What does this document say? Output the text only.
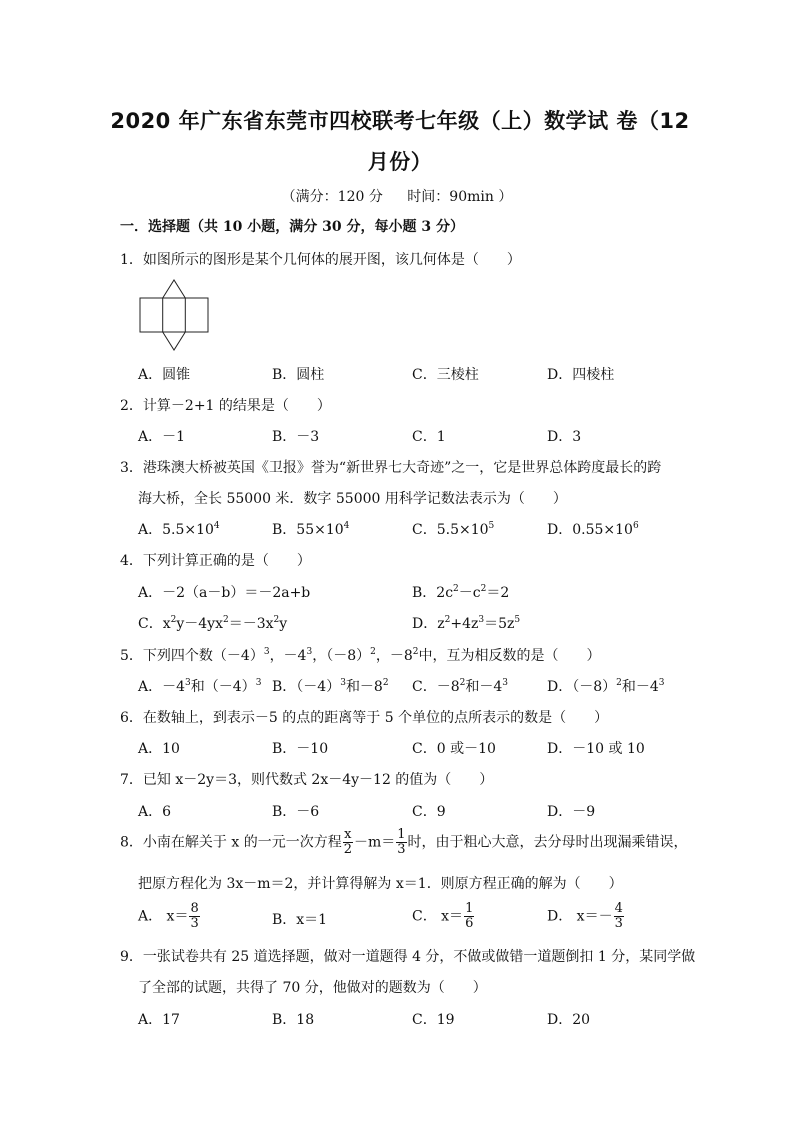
2020 年广东省东莞市四校联考七年级（上）数学试 卷（12
月份）
（满分：120 分 时间：90min ）
一．选择题（共 10 小题，满分 30 分，每小题 3 分）
1．如图所示的图形是某个几何体的展开图，该几何体是（　　）
A．圆锥	B．圆柱	C．三棱柱	D．四棱柱
2．计算－2+1 的结果是（　　）
A．－1	B．－3	C．1	D．3
3．港珠澳大桥被英国《卫报》誉为“新世界七大奇迹”之一，它是世界总体跨度最长的跨
海大桥，全长 55000 米．数字 55000 用科学记数法表示为（　　）
A．$5.5\times 10^4$	B．$55\times 10^4$	C．$5.5\times 10^5$	D．$0.55\times 10^6$
4．下列计算正确的是（　　）
A．－2（a－b）＝－2a+b	B．$2c^2-c^2=2$
C．$x^2y-4yx^2=-3x^2y$	D．$z^2+4z^3=5z^5$
5．下列四个数$(-4)^3$，$-4^3$，$(-8)^2$，$-8^2$中，互为相反数的是（　　）
A．$-4^3$和$(-4)^3$ B．$(-4)^3$和$-8^2$ C．$-8^2$和$-4^3$	D．$(-8)^2$和$-4^3$
6．在数轴上，到表示－5 的点的距离等于 5 个单位的点所表示的数是（　　）
A．10	B．－10	C．0 或－10	D．－10 或 10
7．已知 x－2y＝3，则代数式 2x－4y－12 的值为（　　）
A．6	B．－6	C．9	D．－9
8．小南在解关于 x 的一元一次方程 $\frac{x}{2} -m= \frac{1}{3}$ 时，由于粗心大意，去分母时出现漏乘错误，
把原方程化为 3x－m＝2，并计算得解为 x＝1．则原方程正确的解为（　　）
A． $x= \frac{8}{3}$	B．x＝1	C． $x= \frac{1}{6}$	D． $x=- \frac{4}{3}$
9．一张试卷共有 25 道选择题，做对一道题得 4 分，不做或做错一道题倒扣 1 分，某同学做
了全部的试题，共得了 70 分，他做对的题数为（　　）
A．17	B．18	C．19	D．20
